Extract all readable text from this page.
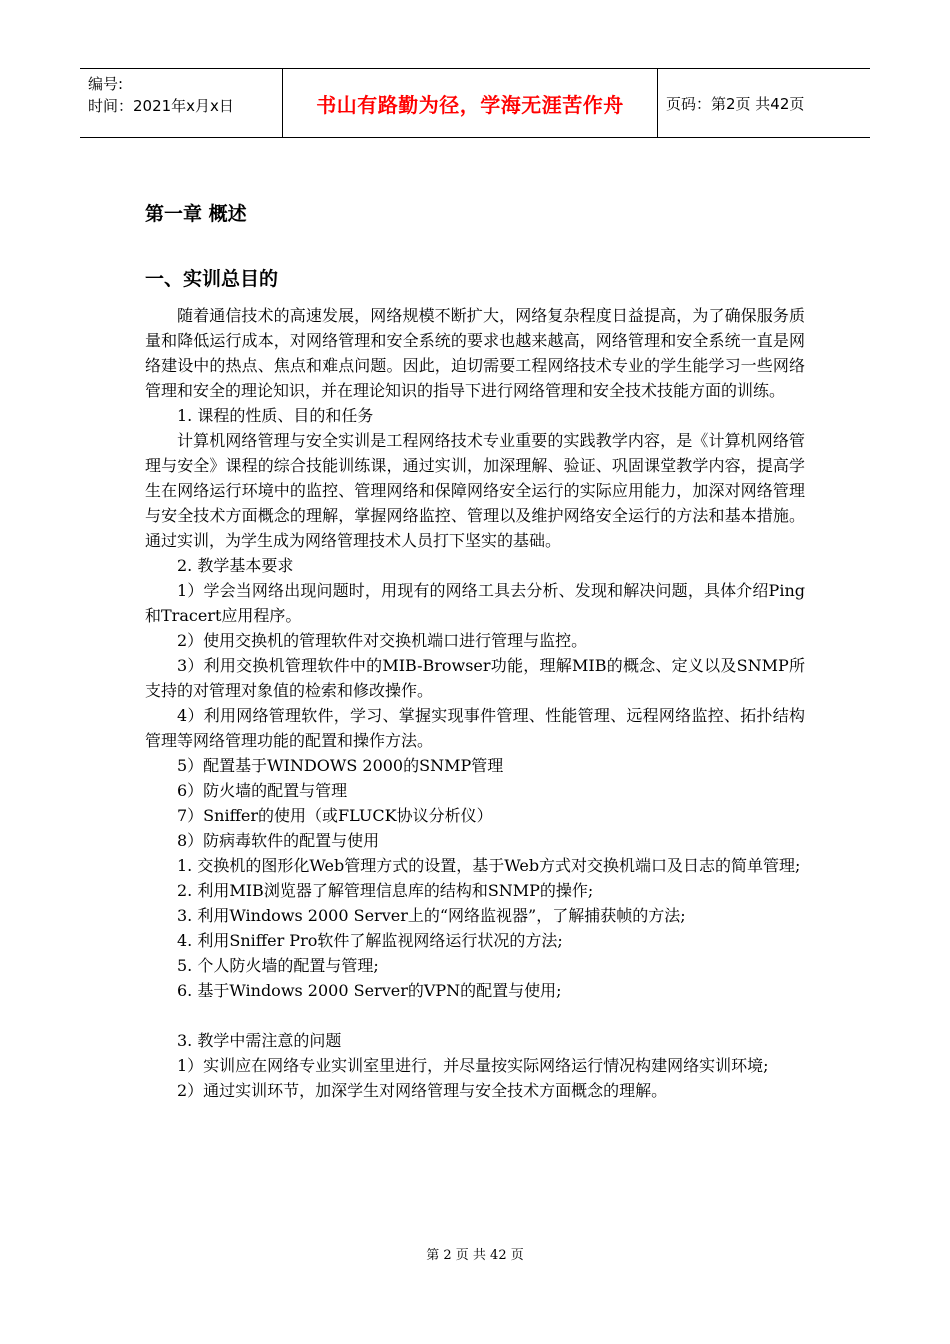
编号:
时间：2021年x月x日	书山有路勤为径，学海无涯苦作舟	页码：第2页 共42页
第一章 概述
一、实训总目的

随着通信技术的高速发展，网络规模不断扩大，网络复杂程度日益提高，为了确保服务质量和降低运行成本，对网络管理和安全系统的要求也越来越高，网络管理和安全系统一直是网络建设中的热点、焦点和难点问题。因此，迫切需要工程网络技术专业的学生能学习一些网络管理和安全的理论知识，并在理论知识的指导下进行网络管理和安全技术技能方面的训练。

1. 课程的性质、目的和任务

计算机网络管理与安全实训是工程网络技术专业重要的实践教学内容，是《计算机网络管理与安全》课程的综合技能训练课，通过实训，加深理解、验证、巩固课堂教学内容，提高学生在网络运行环境中的监控、管理网络和保障网络安全运行的实际应用能力，加深对网络管理与安全技术方面概念的理解，掌握网络监控、管理以及维护网络安全运行的方法和基本措施。通过实训，为学生成为网络管理技术人员打下坚实的基础。

2. 教学基本要求

1）学会当网络出现问题时，用现有的网络工具去分析、发现和解决问题，具体介绍Ping和Tracert应用程序。

2）使用交换机的管理软件对交换机端口进行管理与监控。

3）利用交换机管理软件中的MIB-Browser功能，理解MIB的概念、定义以及SNMP所支持的对管理对象值的检索和修改操作。

4）利用网络管理软件，学习、掌握实现事件管理、性能管理、远程网络监控、拓扑结构管理等网络管理功能的配置和操作方法。

5）配置基于WINDOWS 2000的SNMP管理

6）防火墙的配置与管理

7）Sniffer的使用（或FLUCK协议分析仪）

8）防病毒软件的配置与使用

1. 交换机的图形化Web管理方式的设置，基于Web方式对交换机端口及日志的简单管理;

2. 利用MIB浏览器了解管理信息库的结构和SNMP的操作;

3. 利用Windows 2000 Server上的“网络监视器”，了解捕获帧的方法;

4. 利用Sniffer Pro软件了解监视网络运行状况的方法;

5. 个人防火墙的配置与管理;

6. 基于Windows 2000 Server的VPN的配置与使用;

3. 教学中需注意的问题

1）实训应在网络专业实训室里进行，并尽量按实际网络运行情况构建网络实训环境;

2）通过实训环节，加深学生对网络管理与安全技术方面概念的理解。

第 2 页 共 42 页
